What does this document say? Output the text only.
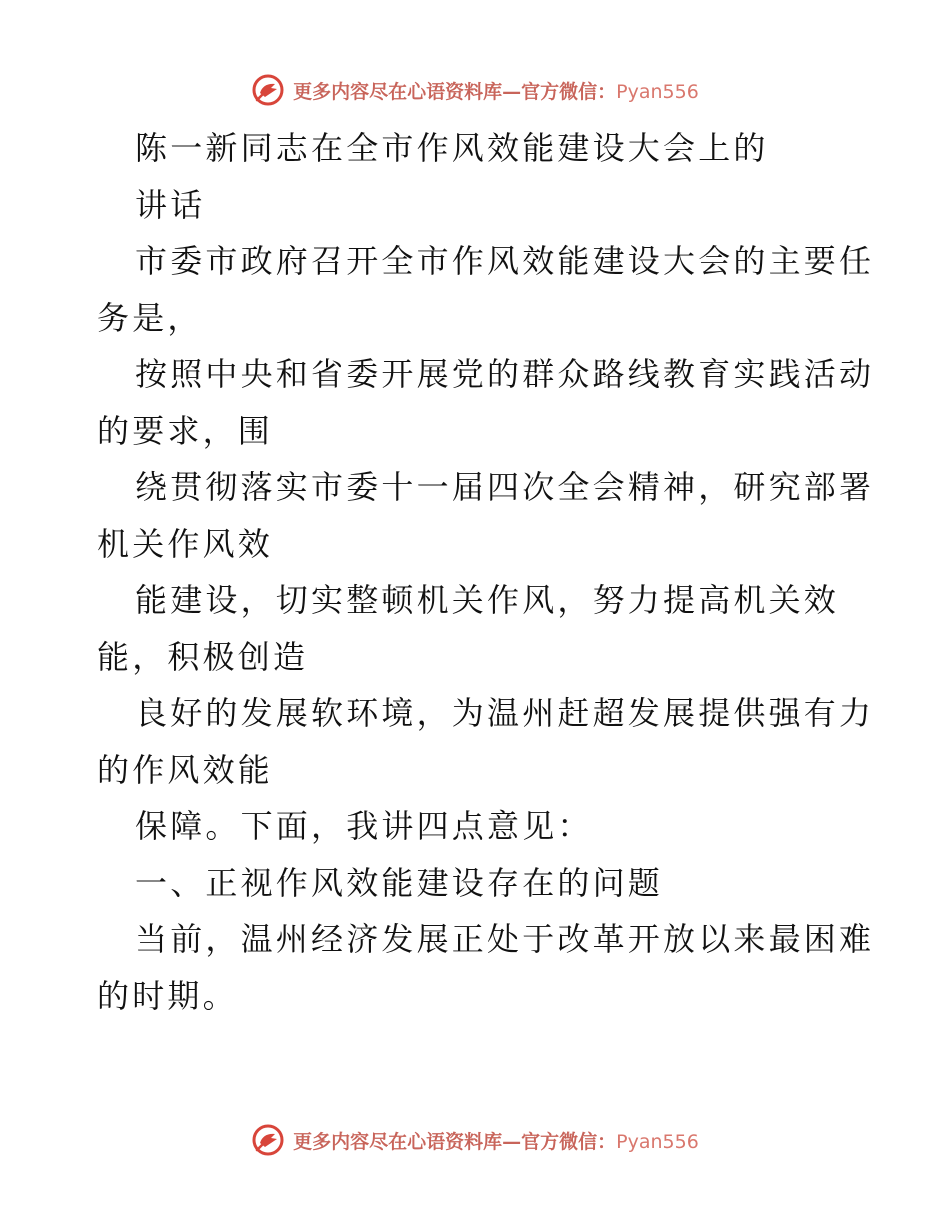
更多内容尽在心语资料库—官方微信：Pyan556
陈一新同志在全市作风效能建设大会上的
讲话
市委市政府召开全市作风效能建设大会的主要任
务是，
按照中央和省委开展党的群众路线教育实践活动
的要求，围
绕贯彻落实市委十一届四次全会精神，研究部署
机关作风效
能建设，切实整顿机关作风，努力提高机关效
能，积极创造
良好的发展软环境，为温州赶超发展提供强有力
的作风效能
保障。下面，我讲四点意见：
一、正视作风效能建设存在的问题
当前，温州经济发展正处于改革开放以来最困难
的时期。
更多内容尽在心语资料库—官方微信：Pyan556
